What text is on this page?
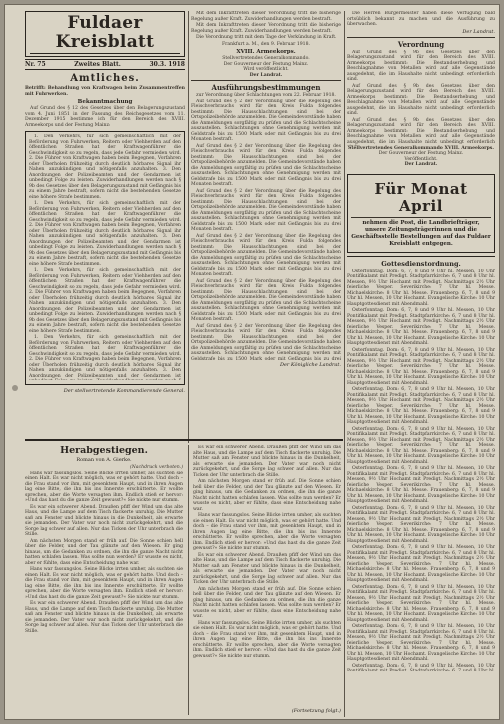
Fuldaer Kreisblatt
Nr. 75	Zweites Blatt.	30.3. 1918
Amtliches.
Betrifft: Behandlung von Kraftwagen beim Zusammentreffen mit Fuhrwerken.
Bekanntmachung

Auf Grund des § 12 des Gesetzes über den Belagerungszustand vom 4. Juni 1851 in der Fassung des Reichsgesetzes vom 11. Dezember 1915 bestimme ich für den Bereich des XVIII. Armeekorps und der Festung Mainz:

1. Den Verkehrs, für sich gemeinschaftlich mit der Beförderung von Fuhrwerken, Reitern oder Viehherden auf den öffentlichen Straßen hat der Kraftwagenführer die Geschwindigkeit so zu regeln, dass jede Gefahr vermieden wird. 2. Die Führer von Kraftwagen haben beim Begegnen, Vorfahren oder Überholen frühzeitig durch deutlich hörbares Signal ihr Nahen anzukündigen und nötigenfalls anzuhalten. 3. Den Anordnungen der Polizeibeamten und der Gendarmen ist unbedingt Folge zu leisten. Zuwiderhandlungen werden nach § 9b des Gesetzes über den Belagerungszustand mit Gefängnis bis zu einem Jahre bestraft, sofern nicht die bestehenden Gesetze eine höhere Strafe bestimmen.

1. Den Verkehrs, für sich gemeinschaftlich mit der Beförderung von Fuhrwerken, Reitern oder Viehherden auf den öffentlichen Straßen hat der Kraftwagenführer die Geschwindigkeit so zu regeln, dass jede Gefahr vermieden wird. 2. Die Führer von Kraftwagen haben beim Begegnen, Vorfahren oder Überholen frühzeitig durch deutlich hörbares Signal ihr Nahen anzukündigen und nötigenfalls anzuhalten. 3. Den Anordnungen der Polizeibeamten und der Gendarmen ist unbedingt Folge zu leisten. Zuwiderhandlungen werden nach § 9b des Gesetzes über den Belagerungszustand mit Gefängnis bis zu einem Jahre bestraft, sofern nicht die bestehenden Gesetze eine höhere Strafe bestimmen.

1. Den Verkehrs, für sich gemeinschaftlich mit der Beförderung von Fuhrwerken, Reitern oder Viehherden auf den öffentlichen Straßen hat der Kraftwagenführer die Geschwindigkeit so zu regeln, dass jede Gefahr vermieden wird. 2. Die Führer von Kraftwagen haben beim Begegnen, Vorfahren oder Überholen frühzeitig durch deutlich hörbares Signal ihr Nahen anzukündigen und nötigenfalls anzuhalten. 3. Den Anordnungen der Polizeibeamten und der Gendarmen ist unbedingt Folge zu leisten. Zuwiderhandlungen werden nach § 9b des Gesetzes über den Belagerungszustand mit Gefängnis bis zu einem Jahre bestraft, sofern nicht die bestehenden Gesetze eine höhere Strafe bestimmen.

1. Den Verkehrs, für sich gemeinschaftlich mit der Beförderung von Fuhrwerken, Reitern oder Viehherden auf den öffentlichen Straßen hat der Kraftwagenführer die Geschwindigkeit so zu regeln, dass jede Gefahr vermieden wird. 2. Die Führer von Kraftwagen haben beim Begegnen, Vorfahren oder Überholen frühzeitig durch deutlich hörbares Signal ihr Nahen anzukündigen und nötigenfalls anzuhalten. 3. Den Anordnungen der Polizeibeamten und der Gendarmen ist

Der stellvertretende Kommandierende General.

Mit dem Inkrafttreten dieser Verordnung tritt die bisherige Regelung außer Kraft. Zuwiderhandlungen werden bestraft.

Mit dem Inkrafttreten dieser Verordnung tritt die bisherige Regelung außer Kraft. Zuwiderhandlungen werden bestraft.

Die Verordnung tritt mit dem Tage der Verkündung in Kraft.

Frankfurt a. M., den 9. Februar 1918.
XVIII. Armeekorps.
Stellvertretendes Generalkommando.
Der Gouverneur der Festung Mainz.
Wird veröffentlicht.
Der Landrat.
Ausführungsbestimmungen
zur Verordnung über Schlachtungen vom 22. Februar 1918.

Auf Grund des § 2 der Verordnung über die Regelung des Fleischverbrauchs wird für den Kreis Fulda folgendes bestimmt: Die Hausschlachtungen sind bei der Ortspolizeibehörde anzumelden. Die Gemeindevorstände haben die Anmeldungen sorgfältig zu prüfen und die Schlachtscheine auszustellen. Schlachtungen ohne Genehmigung werden mit Geldstrafe bis zu 1500 Mark oder mit Gefängnis bis zu drei Monaten bestraft.

Auf Grund des § 2 der Verordnung über die Regelung des Fleischverbrauchs wird für den Kreis Fulda folgendes bestimmt: Die Hausschlachtungen sind bei der Ortspolizeibehörde anzumelden. Die Gemeindevorstände haben die Anmeldungen sorgfältig zu prüfen und die Schlachtscheine auszustellen. Schlachtungen ohne Genehmigung werden mit Geldstrafe bis zu 1500 Mark oder mit Gefängnis bis zu drei Monaten bestraft.

Auf Grund des § 2 der Verordnung über die Regelung des Fleischverbrauchs wird für den Kreis Fulda folgendes bestimmt: Die Hausschlachtungen sind bei der Ortspolizeibehörde anzumelden. Die Gemeindevorstände haben die Anmeldungen sorgfältig zu prüfen und die Schlachtscheine auszustellen. Schlachtungen ohne Genehmigung werden mit Geldstrafe bis zu 1500 Mark oder mit Gefängnis bis zu drei Monaten bestraft.

Auf Grund des § 2 der Verordnung über die Regelung des Fleischverbrauchs wird für den Kreis Fulda folgendes bestimmt: Die Hausschlachtungen sind bei der Ortspolizeibehörde anzumelden. Die Gemeindevorstände haben die Anmeldungen sorgfältig zu prüfen und die Schlachtscheine auszustellen. Schlachtungen ohne Genehmigung werden mit Geldstrafe bis zu 1500 Mark oder mit Gefängnis bis zu drei Monaten bestraft.

Auf Grund des § 2 der Verordnung über die Regelung des Fleischverbrauchs wird für den Kreis Fulda folgendes bestimmt: Die Hausschlachtungen sind bei der Ortspolizeibehörde anzumelden. Die Gemeindevorstände haben die Anmeldungen sorgfältig zu prüfen und die Schlachtscheine auszustellen. Schlachtungen ohne Genehmigung werden mit Geldstrafe bis zu 1500 Mark oder mit Gefängnis bis zu drei Monaten bestraft.

Auf Grund des § 2 der Verordnung über die Regelung des Fleischverbrauchs wird für den Kreis Fulda folgendes bestimmt: Die Hausschlachtungen sind bei der Ortspolizeibehörde anzumelden. Die Gemeindevorstände haben die Anmeldungen sorgfältig zu prüfen und die Schlachtscheine auszustellen. Schlachtungen ohne Genehmigung werden mit Geldstrafe bis zu 1500 Mark oder mit Gefängnis bis zu drei

Der Königliche Landrat.

Die Herren Bürgermeister haben diese Verfügung bald ortsüblich bekannt zu machen und die Ausführung zu überwachen.

Der Landrat.
Verordnung

Auf Grund des § 9b des Gesetzes über den Belagerungszustand wird für den Bereich des XVIII. Armeekorps bestimmt: Die Bestandserhebung und Beschlagnahme von Metallen wird auf alle Gegenstände ausgedehnt, die im Haushalte nicht unbedingt erforderlich sind.

Auf Grund des § 9b des Gesetzes über den Belagerungszustand wird für den Bereich des XVIII. Armeekorps bestimmt: Die Bestandserhebung und Beschlagnahme von Metallen wird auf alle Gegenstände ausgedehnt, die im Haushalte nicht unbedingt erforderlich sind.

Auf Grund des § 9b des Gesetzes über den Belagerungszustand wird für den Bereich des XVIII. Armeekorps bestimmt: Die Bestandserhebung und Beschlagnahme von Metallen wird auf alle Gegenstände ausgedehnt, die im Haushalte nicht unbedingt erforderlich

Stellvertretendes Generalkommando XVIII. Armeekorps.
Der Gouverneur der Festung Mainz.
Veröffentlicht.
Der Landrat.
Für Monat April
nehmen die Post, die Landbriefträger, unsere Zeitungsträgerinnen und die Geschäftsstelle Bestellungen auf das Fuldaer Kreisblatt entgegen.
Gottesdienstordnung.

Osterfonntag. Dom: 6, 7, 8 und 9 Uhr hl. Messen, 10 Uhr Pontifikalamt mit Predigt. Stadtpfarrkirche: 6, 7 und 8 Uhr hl. Messen, 9½ Uhr Hochamt mit Predigt. Nachmittags 2½ Uhr feierliche Vesper. Severikirche: 7 Uhr hl. Messe. Michaelskirche: 8 Uhr hl. Messe. Frauenberg: 6, 7, 8 und 9 Uhr hl. Messen, 10 Uhr Hochamt. Evangelische Kirche: 10 Uhr Hauptgottesdienst mit Abendmahl.

Osterfonntag. Dom: 6, 7, 8 und 9 Uhr hl. Messen, 10 Uhr Pontifikalamt mit Predigt. Stadtpfarrkirche: 6, 7 und 8 Uhr hl. Messen, 9½ Uhr Hochamt mit Predigt. Nachmittags 2½ Uhr feierliche Vesper. Severikirche: 7 Uhr hl. Messe. Michaelskirche: 8 Uhr hl. Messe. Frauenberg: 6, 7, 8 und 9 Uhr hl. Messen, 10 Uhr Hochamt. Evangelische Kirche: 10 Uhr Hauptgottesdienst mit Abendmahl.

Osterfonntag. Dom: 6, 7, 8 und 9 Uhr hl. Messen, 10 Uhr Pontifikalamt mit Predigt. Stadtpfarrkirche: 6, 7 und 8 Uhr hl. Messen, 9½ Uhr Hochamt mit Predigt. Nachmittags 2½ Uhr feierliche Vesper. Severikirche: 7 Uhr hl. Messe. Michaelskirche: 8 Uhr hl. Messe. Frauenberg: 6, 7, 8 und 9 Uhr hl. Messen, 10 Uhr Hochamt. Evangelische Kirche: 10 Uhr Hauptgottesdienst mit Abendmahl.

Osterfonntag. Dom: 6, 7, 8 und 9 Uhr hl. Messen, 10 Uhr Pontifikalamt mit Predigt. Stadtpfarrkirche: 6, 7 und 8 Uhr hl. Messen, 9½ Uhr Hochamt mit Predigt. Nachmittags 2½ Uhr feierliche Vesper. Severikirche: 7 Uhr hl. Messe. Michaelskirche: 8 Uhr hl. Messe. Frauenberg: 6, 7, 8 und 9 Uhr hl. Messen, 10 Uhr Hochamt. Evangelische Kirche: 10 Uhr Hauptgottesdienst mit Abendmahl.

Osterfonntag. Dom: 6, 7, 8 und 9 Uhr hl. Messen, 10 Uhr Pontifikalamt mit Predigt. Stadtpfarrkirche: 6, 7 und 8 Uhr hl. Messen, 9½ Uhr Hochamt mit Predigt. Nachmittags 2½ Uhr feierliche Vesper. Severikirche: 7 Uhr hl. Messe. Michaelskirche: 8 Uhr hl. Messe. Frauenberg: 6, 7, 8 und 9 Uhr hl. Messen, 10 Uhr Hochamt. Evangelische Kirche: 10 Uhr Hauptgottesdienst mit Abendmahl.

Osterfonntag. Dom: 6, 7, 8 und 9 Uhr hl. Messen, 10 Uhr Pontifikalamt mit Predigt. Stadtpfarrkirche: 6, 7 und 8 Uhr hl. Messen, 9½ Uhr Hochamt mit Predigt. Nachmittags 2½ Uhr feierliche Vesper. Severikirche: 7 Uhr hl. Messe. Michaelskirche: 8 Uhr hl. Messe. Frauenberg: 6, 7, 8 und 9 Uhr hl. Messen, 10 Uhr Hochamt. Evangelische Kirche: 10 Uhr Hauptgottesdienst mit Abendmahl.

Osterfonntag. Dom: 6, 7, 8 und 9 Uhr hl. Messen, 10 Uhr Pontifikalamt mit Predigt. Stadtpfarrkirche: 6, 7 und 8 Uhr hl. Messen, 9½ Uhr Hochamt mit Predigt. Nachmittags 2½ Uhr feierliche Vesper. Severikirche: 7 Uhr hl. Messe. Michaelskirche: 8 Uhr hl. Messe. Frauenberg: 6, 7, 8 und 9 Uhr hl. Messen, 10 Uhr Hochamt. Evangelische Kirche: 10 Uhr Hauptgottesdienst mit Abendmahl.

Osterfonntag. Dom: 6, 7, 8 und 9 Uhr hl. Messen, 10 Uhr Pontifikalamt mit Predigt. Stadtpfarrkirche: 6, 7 und 8 Uhr hl. Messen, 9½ Uhr Hochamt mit Predigt. Nachmittags 2½ Uhr feierliche Vesper. Severikirche: 7 Uhr hl. Messe. Michaelskirche: 8 Uhr hl. Messe. Frauenberg: 6, 7, 8 und 9 Uhr hl. Messen, 10 Uhr Hochamt. Evangelische Kirche: 10 Uhr Hauptgottesdienst mit Abendmahl.

Osterfonntag. Dom: 6, 7, 8 und 9 Uhr hl. Messen, 10 Uhr Pontifikalamt mit Predigt. Stadtpfarrkirche: 6, 7 und 8 Uhr hl. Messen, 9½ Uhr Hochamt mit Predigt. Nachmittags 2½ Uhr feierliche Vesper. Severikirche: 7 Uhr hl. Messe. Michaelskirche: 8 Uhr hl. Messe. Frauenberg: 6, 7, 8 und 9 Uhr hl. Messen, 10 Uhr Hochamt. Evangelische Kirche: 10 Uhr Hauptgottesdienst mit Abendmahl.

Osterfonntag. Dom: 6, 7, 8 und 9 Uhr hl. Messen, 10 Uhr Pontifikalamt mit Predigt. Stadtpfarrkirche: 6, 7 und 8 Uhr hl. Messen, 9½ Uhr Hochamt mit Predigt. Nachmittags 2½ Uhr feierliche Vesper. Severikirche: 7 Uhr hl. Messe. Michaelskirche: 8 Uhr hl. Messe. Frauenberg: 6, 7, 8 und 9 Uhr hl. Messen, 10 Uhr Hochamt. Evangelische Kirche: 10 Uhr Hauptgottesdienst mit Abendmahl.

Osterfonntag. Dom: 6, 7, 8 und 9 Uhr hl. Messen, 10 Uhr

Herabgestiegen.
Roman von A. Gierke.
(Nachdruck verboten.)

Hans war fassungslos. Seine Blicke irrten umher, als suchten sie einen Halt. Es war nicht möglich, was er gehört hatte. Und doch – die Frau stand vor ihm, mit gesenktem Haupt, und in ihren Augen lag eine Bitte, die ihn bis ins Innerste erschütterte. Er wollte sprechen, aber die Worte versagten ihm. Endlich stieß er hervor: »Und das hast du die ganze Zeit gewusst?« Sie nickte nur stumm.

Es war ein schwerer Abend. Draußen pfiff der Wind um das alte Haus, und die Lampe auf dem Tisch flackerte unruhig. Die Mutter saß am Fenster und blickte hinaus in die Dunkelheit, als erwarte sie jemanden. Der Vater war noch nicht zurückgekehrt, und die Sorge lag schwer auf allen. Nur das Ticken der Uhr unterbrach die Stille.

Am nächsten Morgen stand er früh auf. Die Sonne schien hell über die Felder, und der Tau glänzte auf den Wiesen. Er ging hinaus, um die Gedanken zu ordnen, die ihn die ganze Nacht nicht hatten schlafen lassen. Was sollte nun werden? Er wusste es nicht, aber er fühlte, dass eine Entscheidung nahe war.

Hans war fassungslos. Seine Blicke irrten umher, als suchten sie einen Halt. Es war nicht möglich, was er gehört hatte. Und doch – die Frau stand vor ihm, mit gesenktem Haupt, und in ihren Augen lag eine Bitte, die ihn bis ins Innerste erschütterte. Er wollte sprechen, aber die Worte versagten ihm. Endlich stieß er hervor: »Und das hast du die ganze Zeit gewusst?« Sie nickte nur stumm.

Es war ein schwerer Abend. Draußen pfiff der Wind um das alte Haus, und die Lampe auf dem Tisch flackerte unruhig. Die Mutter saß am Fenster und blickte hinaus in die Dunkelheit, als erwarte sie jemanden. Der Vater war noch nicht zurückgekehrt, und die Sorge lag schwer auf allen. Nur das Ticken der Uhr unterbrach die Stille.

Es war ein schwerer Abend. Draußen pfiff der Wind um das alte Haus, und die Lampe auf dem Tisch flackerte unruhig. Die Mutter saß am Fenster und blickte hinaus in die Dunkelheit, als erwarte sie jemanden. Der Vater war noch nicht zurückgekehrt, und die Sorge lag schwer auf allen. Nur das Ticken der Uhr unterbrach die Stille.

Am nächsten Morgen stand er früh auf. Die Sonne schien hell über die Felder, und der Tau glänzte auf den Wiesen. Er ging hinaus, um die Gedanken zu ordnen, die ihn die ganze Nacht nicht hatten schlafen lassen. Was sollte nun werden? Er wusste es nicht, aber er fühlte, dass eine Entscheidung nahe war.

Hans war fassungslos. Seine Blicke irrten umher, als suchten sie einen Halt. Es war nicht möglich, was er gehört hatte. Und doch – die Frau stand vor ihm, mit gesenktem Haupt, und in ihren Augen lag eine Bitte, die ihn bis ins Innerste erschütterte. Er wollte sprechen, aber die Worte versagten ihm. Endlich stieß er hervor: »Und das hast du die ganze Zeit gewusst?« Sie nickte nur stumm.

Es war ein schwerer Abend. Draußen pfiff der Wind um das alte Haus, und die Lampe auf dem Tisch flackerte unruhig. Die Mutter saß am Fenster und blickte hinaus in die Dunkelheit, als erwarte sie jemanden. Der Vater war noch nicht zurückgekehrt, und die Sorge lag schwer auf allen. Nur das Ticken der Uhr unterbrach die Stille.

Am nächsten Morgen stand er früh auf. Die Sonne schien hell über die Felder, und der Tau glänzte auf den Wiesen. Er ging hinaus, um die Gedanken zu ordnen, die ihn die ganze Nacht nicht hatten schlafen lassen. Was sollte nun werden? Er wusste es nicht, aber er fühlte, dass eine Entscheidung nahe war.

Hans war fassungslos. Seine Blicke irrten umher, als suchten sie einen Halt. Es war nicht möglich, was er gehört hatte. Und doch – die Frau stand vor ihm, mit gesenktem Haupt, und in ihren Augen lag eine Bitte, die ihn bis ins Innerste erschütterte. Er wollte sprechen, aber die Worte versagten ihm. Endlich stieß er hervor: »Und das hast du die ganze Zeit gewusst?« Sie nickte nur stumm.

(Fortsetzung folgt.)
